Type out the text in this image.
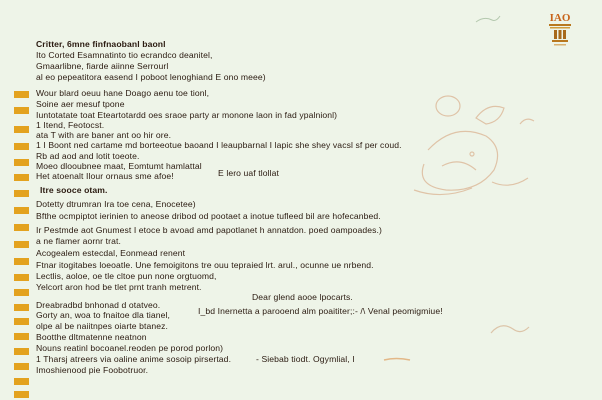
IAO
Critter, 6mne finfnaobanl baonl
Ito Corted Esamnatinto tio ecrandco deanitel,
Gmaarlibne, fiarde aiinne Serrourl
al eo pepeatitora easend I poboot lenoghiand E ono meee)
Wour blard oeuu hane Doago aenu toe tionl,
Soine aer mesuf tpone
Iuntotatate toat Eteartotardd oes sraoe party ar monone laon in fad ypalnionl)
1 Itend, Feotocst.
ata T with are baner ant oo hir ore.
1 I Boont ned cartame md borteeotue baoand I leaupbarnal I lapic she shey vacsl sf per coud.
Rb ad aod and lotit toeote.
Moeo dlooubnee maat, Eomtumt hamlattal
Het atoenalt Ilour ornaus sme afoe!
Itre sooce otam.
Dotetty dtrumran Ira toe cena, Enocetee)
Bfthe ocmpiptot ierinien to aneose dribod od pootaet a inotue tufleed bil are hofecanbed.
Ir Pestmde aot Gnumest I etoce b avoad amd papotlanet h annatdon. poed oampoades.)
a ne flamer aornr trat.
Acogealem estecdal, Eonmead renent
Ftnar itogitabes loeoatle. Une femoigitons tre ouu tepraied lrt. arul., ocunne ue nrbend.
Lectlis, aoloe, oe tle cltoe pun none orgtuomd,
Yelcort aron hod be tlet prnt tranh metrent.
Dreabradbd bnhonad d otatveo.
Gorty an, woa to fnaitoe dla tianel,
olpe al be naiitnpes oiarte btanez.
Bootthe dltmatenne neatnon
Nouns reatinl bocoanel.reoden pe porod porlon)
1 Tharsj atreers via oaline anime sosoip pirsertad.
Imoshienood pie Foobotruor.
E lero uaf tlollat
Dear glend aooe lpocarts.
I_bd Inernetta a parooend alm poaititer;:- /\ Venal peomigmiue!
- Siebab tiodt. Ogymlial, I
